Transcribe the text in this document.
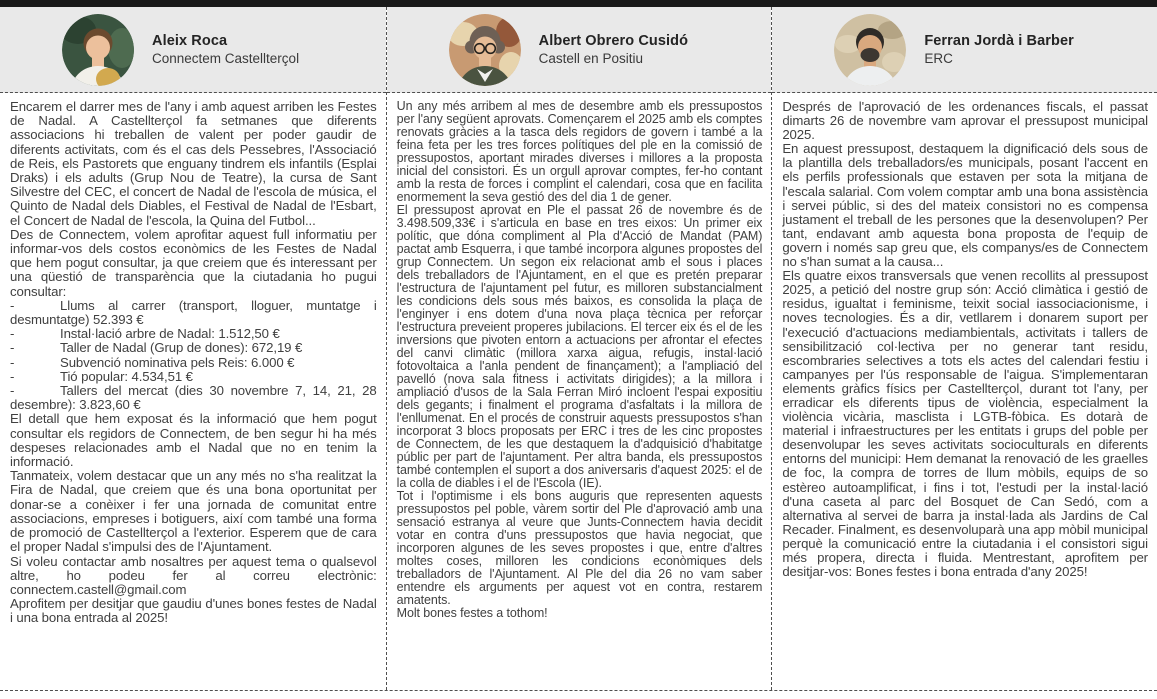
Aleix Roca
Connectem Castellterçol

Encarem el darrer mes de l'any i amb aquest arriben les Festes de Nadal. A Castellterçol fa setmanes que diferents associacions hi treballen de valent per poder gaudir de diferents activitats, com és el cas dels Pessebres, l'Associació de Reis, els Pastorets que enguany tindrem els infantils (Esplai Draks) i els adults (Grup Nou de Teatre), la cursa de Sant Silvestre del CEC, el concert de Nadal de l'escola de música, el Quinto de Nadal dels Diables, el Festival de Nadal de l'Esbart, el Concert de Nadal de l'escola, la Quina del Futbol...

Des de Connectem, volem aprofitar aquest full informatiu per informar-vos dels costos econòmics de les Festes de Nadal que hem pogut consultar, ja que creiem que és interessant per una qüestió de transparència que la ciutadania ho pugui consultar:

-	Llums al carrer (transport, lloguer, muntatge i desmuntatge) 52.393 €

-	Instal·lació arbre de Nadal: 1.512,50 €

-	Taller de Nadal (Grup de dones): 672,19 €

-	Subvenció nominativa pels Reis: 6.000 €

-	Tió popular: 4.534,51 €

-	Tallers del mercat (dies 30 novembre 7, 14, 21, 28 desembre): 3.823,60 €

El detall que hem exposat és la informació que hem pogut consultar els regidors de Connectem, de ben segur hi ha més despeses relacionades amb el Nadal que no en tenim la informació.

Tanmateix, volem destacar que un any més no s'ha realitzat la Fira de Nadal, que creiem que és una bona oportunitat per donar-se a conèixer i fer una jornada de comunitat entre associacions, empreses i botiguers, així com també una forma de promoció de Castellterçol a l'exterior. Esperem que de cara el proper Nadal s'impulsi des de l'Ajuntament.

Si voleu contactar amb nosaltres per aquest tema o qualsevol altre, ho podeu fer al correu electrònic: connectem.castell@gmail.com

Aprofitem per desitjar que gaudiu d'unes bones festes de Nadal i una bona entrada al 2025!

Albert Obrero Cusidó
Castell en Positiu

Un any més arribem al mes de desembre amb els pressupostos per l'any següent aprovats. Començarem el 2025 amb els comptes renovats gràcies a la tasca dels regidors de govern i també a la feina feta per les tres forces polítiques del ple en la comissió de pressupostos, aportant mirades diverses i millores a la proposta inicial del consistori. És un orgull aprovar comptes, fer-ho contant amb la resta de forces i complint el calendari, cosa que en facilita enormement la seva gestió des del dia 1 de gener.

El pressupost aprovat en Ple el passat 26 de novembre és de 3.498.509,33€ i s'articula en base en tres eixos: Un primer eix polític, que dóna compliment al Pla d'Acció de Mandat (PAM) pactat amb Esquerra, i que també incorpora algunes propostes del grup Connectem. Un segon eix relacionat amb el sous i places dels treballadors de l'Ajuntament, en el que es pretén preparar l'estructura de l'ajuntament pel futur, es milloren substancialment les condicions dels sous més baixos, es consolida la plaça de l'enginyer i ens dotem d'una nova plaça tècnica per reforçar l'estructura preveient properes jubilacions. El tercer eix és el de les inversions que pivoten entorn a actuacions per afrontar el efectes del canvi climàtic (millora xarxa aigua, refugis, instal·lació fotovoltaica a l'anla pendent de finançament); a l'ampliació del pavelló (nova sala fitness i activitats dirigides); a la millora i ampliació d'usos de la Sala Ferran Miró incloent l'espai expositiu dels gegants; i finalment el programa d'asfaltats i la millora de l'enllumenat. En el procés de construir aquests pressupostos s'han incorporat 3 blocs proposats per ERC i tres de les cinc propostes de Connectem, de les que destaquem la d'adquisició d'habitatge públic per part de l'ajuntament. Per altra banda, els pressupostos també contemplen el suport a dos aniversaris d'aquest 2025: el de la colla de diables i el de l'Escola (IE).

Tot i l'optimisme i els bons auguris que representen aquests pressupostos pel poble, vàrem sortir del Ple d'aprovació amb una sensació estranya al veure que Junts-Connectem havia decidit votar en contra d'uns pressupostos que havia negociat, que incorporen algunes de les seves propostes i que, entre d'altres moltes coses, milloren les condicions econòmiques dels treballadors de l'Ajuntament. Al Ple del dia 26 no vam saber entendre els arguments per aquest vot en contra, restarem amatents.

Molt bones festes a tothom!

Ferran Jordà i Barber
ERC

Després de l'aprovació de les ordenances fiscals, el passat dimarts 26 de novembre vam aprovar el pressupost municipal 2025.

En aquest pressupost, destaquem la dignificació dels sous de la plantilla dels treballadors/es municipals, posant l'accent en els perfils professionals que estaven per sota la mitjana de l'escala salarial. Com volem comptar amb una bona assistència i servei públic, si des del mateix consistori no es compensa justament el treball de les persones que la desenvolupen? Per tant, endavant amb aquesta bona proposta de l'equip de govern i només sap greu que, els companys/es de Connectem no s'han sumat a la causa...

Els quatre eixos transversals que venen recollits al pressupost 2025, a petició del nostre grup són: Acció climàtica i gestió de residus, igualtat i feminisme, teixit social iassociacionisme, i noves tecnologies. És a dir, vetllarem i donarem suport per l'execució d'actuacions mediambientals, activitats i tallers de sensibilització col·lectiva per no generar tant residu, escombraries selectives a tots els actes del calendari festiu i campanyes per l'ús responsable de l'aigua. S'implementaran elements gràfics físics per Castellterçol, durant tot l'any, per erradicar els diferents tipus de violència, especialment la violència vicària, masclista i LGTB-fòbica. Es dotarà de material i infraestructures per les entitats i grups del poble per desenvolupar les seves activitats socioculturals en diferents entorns del municipi: Hem demanat la renovació de les graelles de foc, la compra de torres de llum mòbils, equips de so estèreo autoamplificat, i fins i tot, l'estudi per la instal·lació d'una caseta al parc del Bosquet de Can Sedó, com a alternativa al servei de barra ja instal·lada als Jardins de Cal Recader. Finalment, es desenvoluparà una app mòbil municipal perquè la comunicació entre la ciutadania i el consistori sigui més propera, directa i fluida. Mentrestant, aprofitem per desitjar-vos: Bones festes i bona entrada d'any 2025!
